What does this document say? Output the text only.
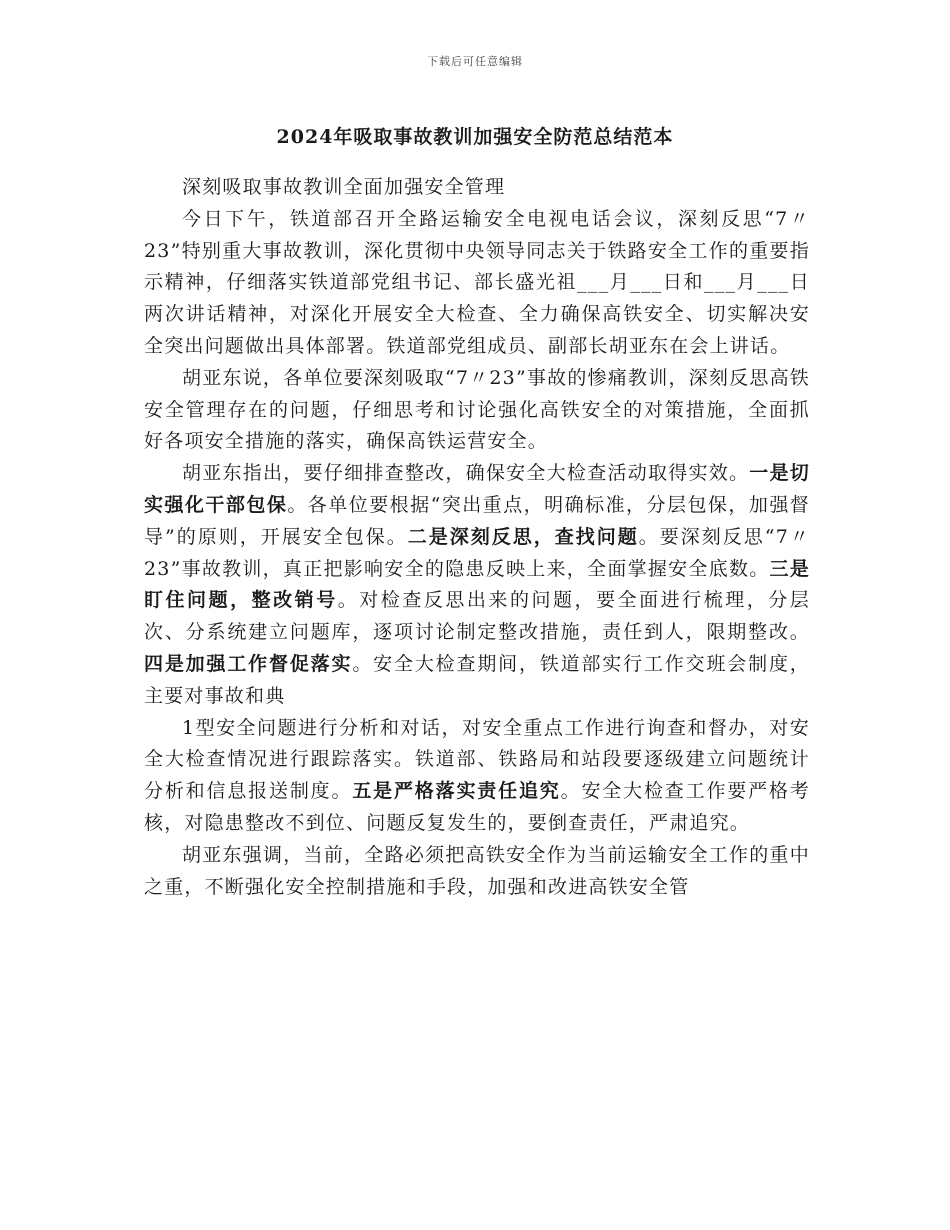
下载后可任意编辑
2024年吸取事故教训加强安全防范总结范本

深刻吸取事故教训全面加强安全管理

今日下午，铁道部召开全路运输安全电视电话会议，深刻反思“7〃23”特别重大事故教训，深化贯彻中央领导同志关于铁路安全工作的重要指示精神，仔细落实铁道部党组书记、部长盛光祖___月___日和___月___日两次讲话精神，对深化开展安全大检查、全力确保高铁安全、切实解决安全突出问题做出具体部署。铁道部党组成员、副部长胡亚东在会上讲话。

胡亚东说，各单位要深刻吸取“7〃23”事故的惨痛教训，深刻反思高铁安全管理存在的问题，仔细思考和讨论强化高铁安全的对策措施，全面抓好各项安全措施的落实，确保高铁运营安全。

胡亚东指出，要仔细排查整改，确保安全大检查活动取得实效。一是切实强化干部包保。各单位要根据“突出重点，明确标准，分层包保，加强督导”的原则，开展安全包保。二是深刻反思，查找问题。要深刻反思“7〃23”事故教训，真正把影响安全的隐患反映上来，全面掌握安全底数。三是盯住问题，整改销号。对检查反思出来的问题，要全面进行梳理，分层次、分系统建立问题库，逐项讨论制定整改措施，责任到人，限期整改。四是加强工作督促落实。安全大检查期间，铁道部实行工作交班会制度，主要对事故和典

1型安全问题进行分析和对话，对安全重点工作进行询查和督办，对安全大检查情况进行跟踪落实。铁道部、铁路局和站段要逐级建立问题统计分析和信息报送制度。五是严格落实责任追究。安全大检查工作要严格考核，对隐患整改不到位、问题反复发生的，要倒查责任，严肃追究。

胡亚东强调，当前，全路必须把高铁安全作为当前运输安全工作的重中之重，不断强化安全控制措施和手段，加强和改进高铁安全管
